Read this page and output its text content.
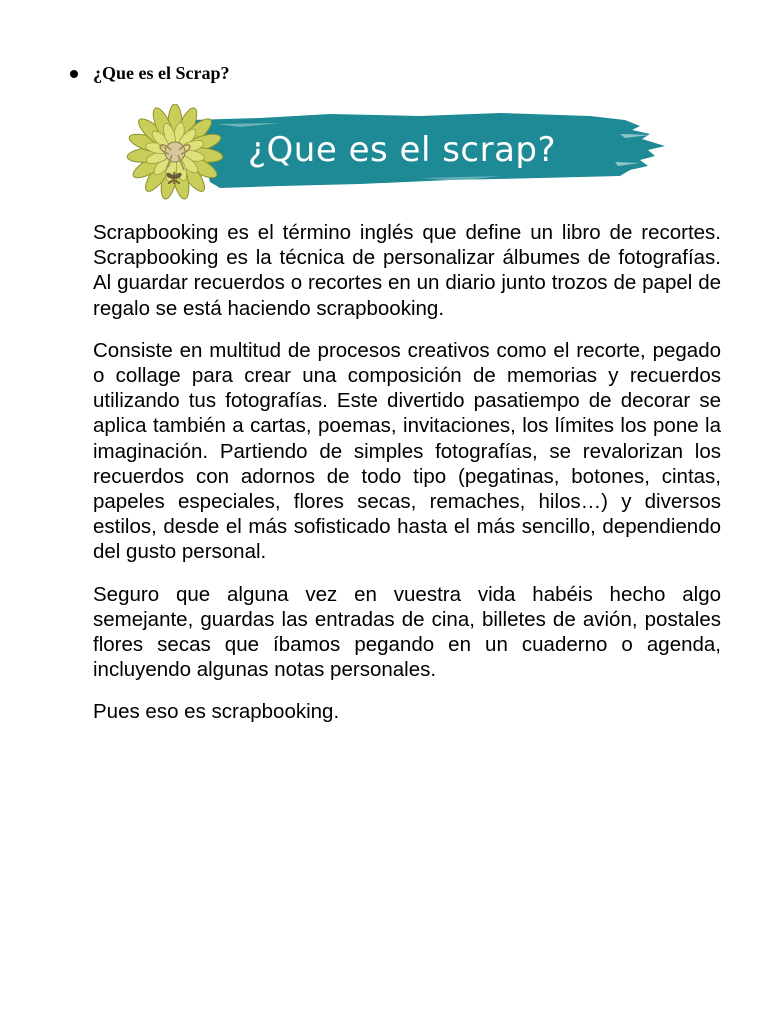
¿Que es el Scrap?
¿Que es el scrap?

Scrapbooking es el término inglés que define un libro de recortes. Scrapbooking es la técnica de personalizar álbumes de fotografías. Al guardar recuerdos o recortes en un diario junto trozos de papel de regalo se está haciendo scrapbooking.

Consiste en multitud de procesos creativos como el recorte, pegado o collage para crear una composición de memorias y recuerdos utilizando tus fotografías. Este divertido pasatiempo de decorar se aplica también a cartas, poemas, invitaciones, los límites los pone la imaginación. Partiendo de simples fotografías, se revalorizan los recuerdos con adornos de todo tipo (pegatinas, botones, cintas, papeles especiales, flores secas, remaches, hilos…) y diversos estilos, desde el más sofisticado hasta el más sencillo, dependiendo del gusto personal.

Seguro que alguna vez en vuestra vida habéis hecho algo semejante, guardas las entradas de cina, billetes de avión, postales flores secas que íbamos pegando en un cuaderno o agenda, incluyendo algunas notas personales.

Pues eso es scrapbooking.
